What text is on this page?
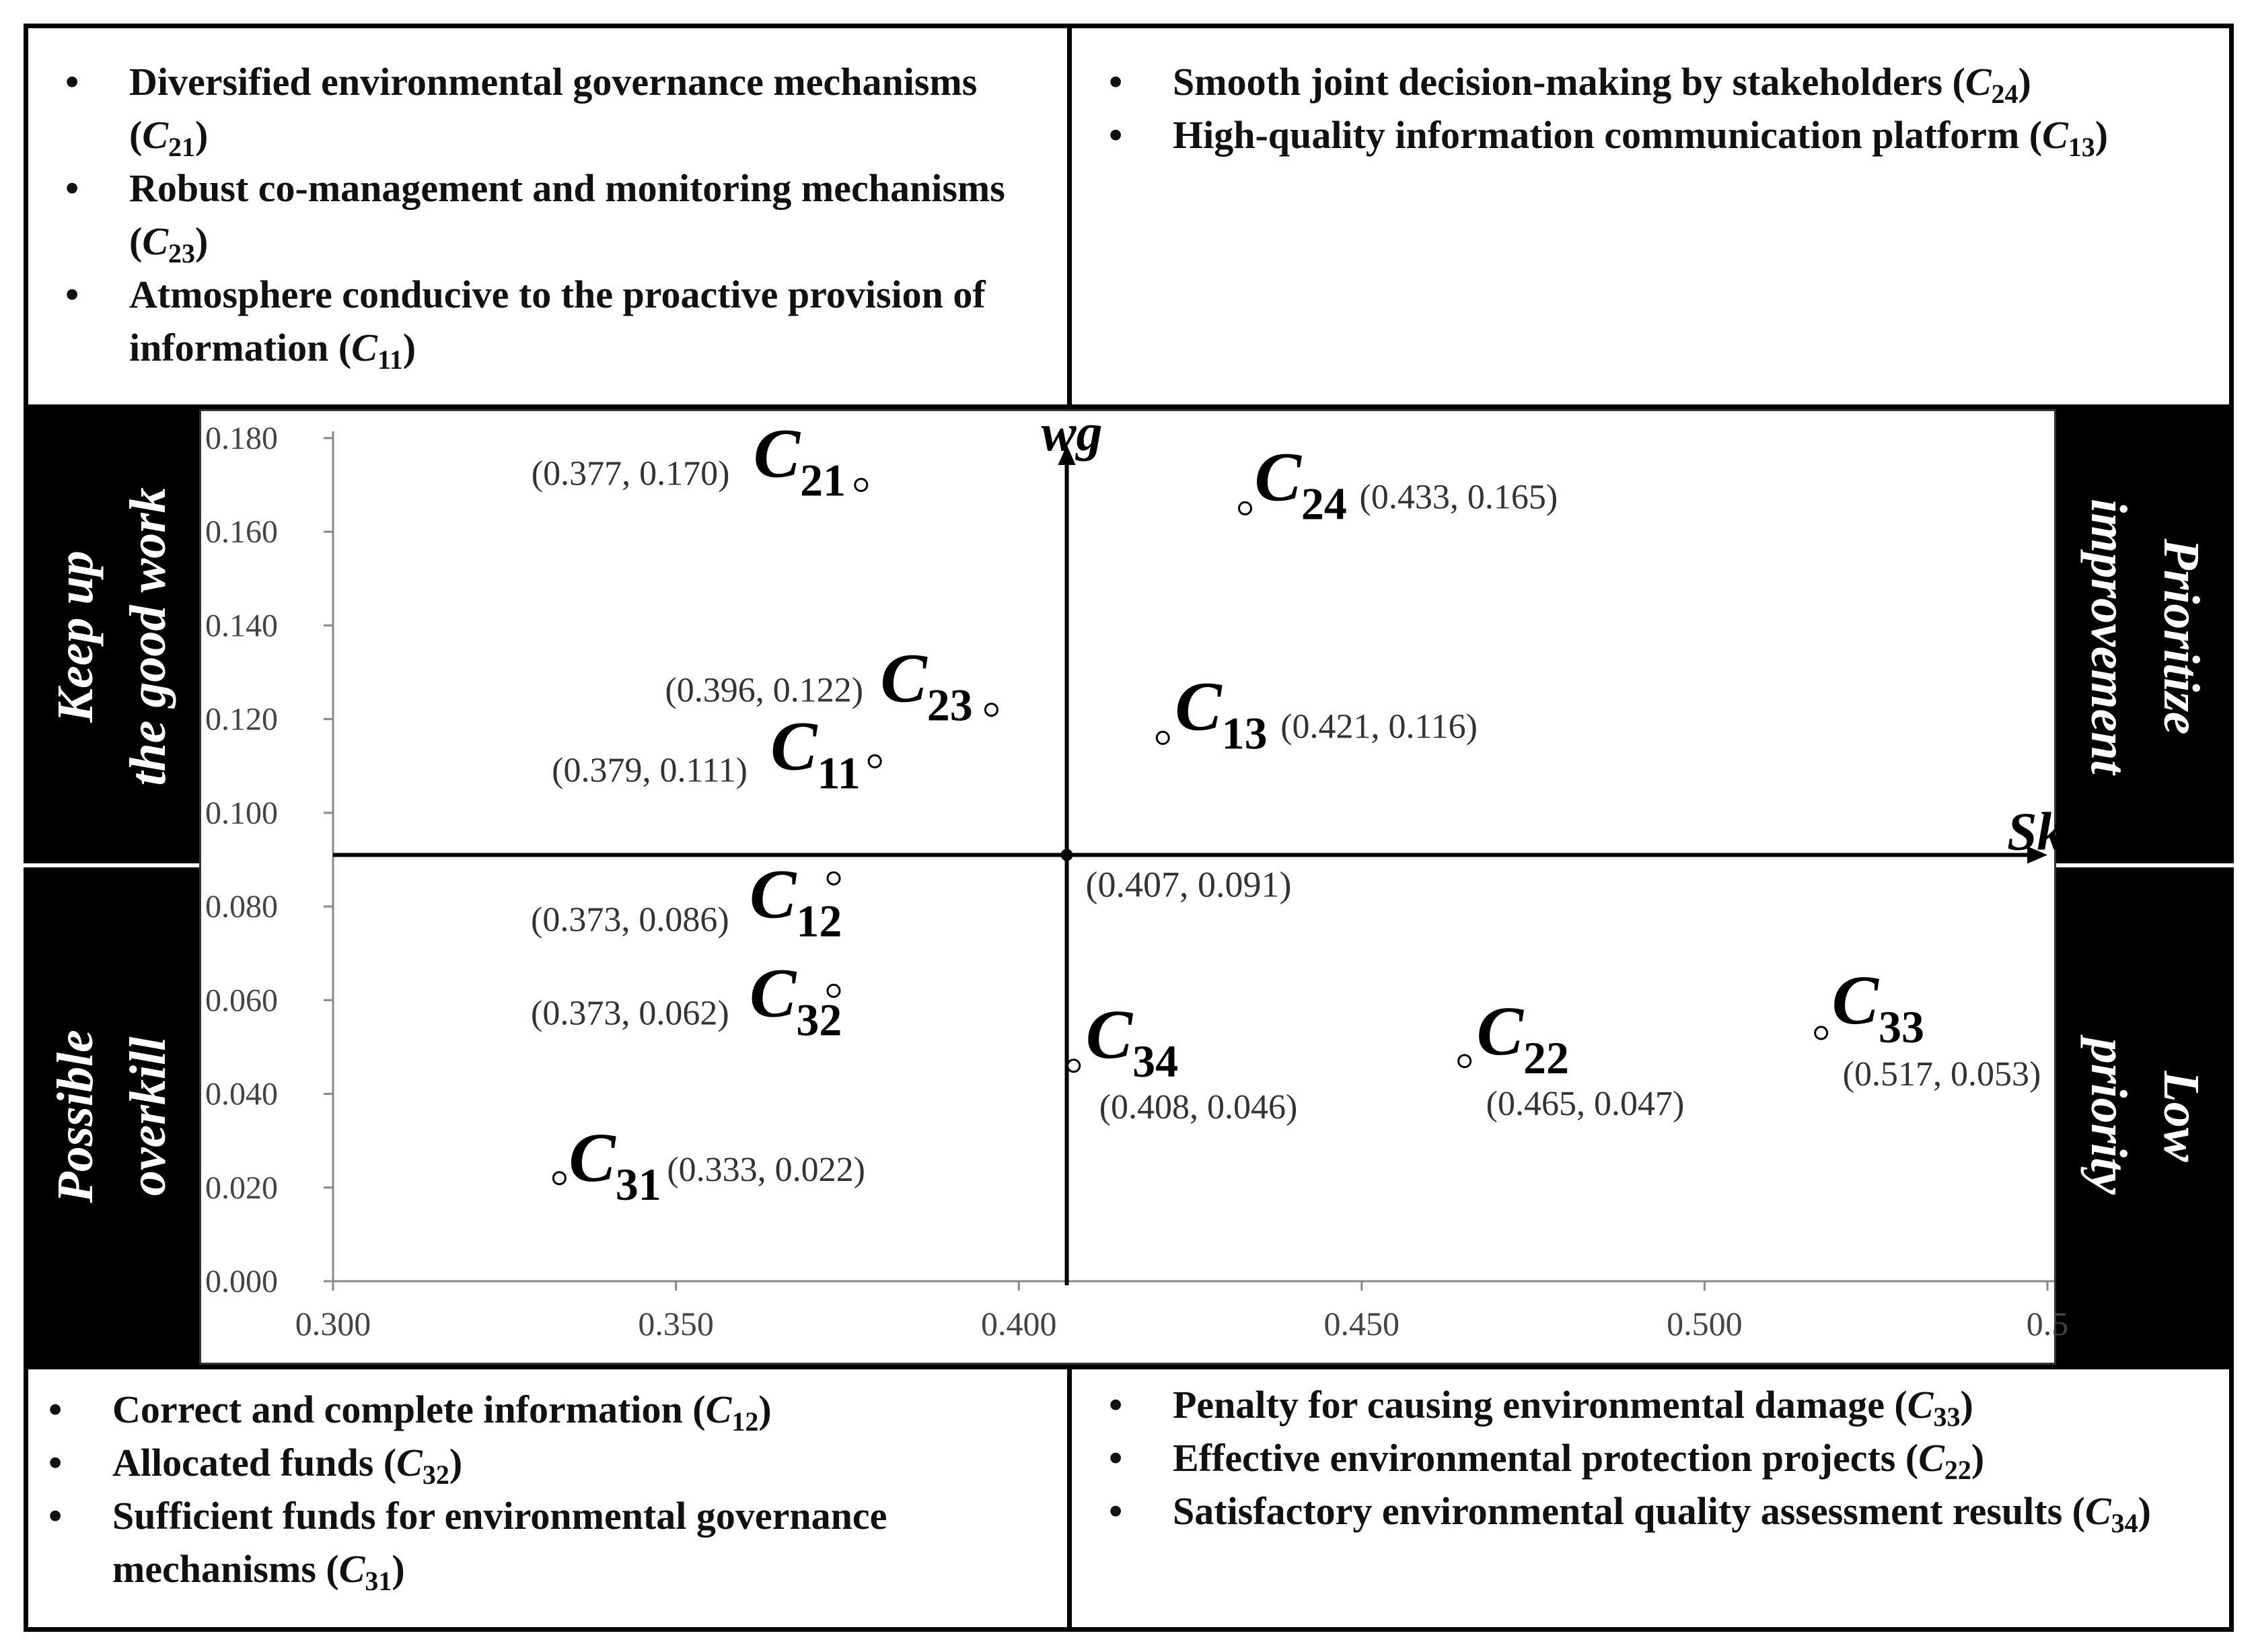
• Diversified environmental governance mechanisms $(C_{21})$
• Robust co-management and monitoring mechanisms $(C_{23})$
• Atmosphere conducive to the proactive provision of information $(C_{11})$
• Smooth joint decision-making by stakeholders $(C_{24})$
• High-quality information communication platform $(C_{13})$
• Correct and complete information $(C_{12})$
• Allocated funds $(C_{32})$
• Sufficient funds for environmental governance mechanisms $(C_{31})$
• Penalty for causing environmental damage $(C_{33})$
• Effective environmental protection projects $(C_{22})$
• Satisfactory environmental quality assessment results $(C_{34})$
Keep up the good work
Possible overkill
Prioritize
improvement
Low
priority
0.000
0.020
0.040
0.060
0.080
0.100
0.120
0.140
0.160
0.180
0.300	0.350	0.400	0.450	0.500	0.5
(0.407, 0.091)
Sk
wg
$C_{21}$
(0.377, 0.170)	$C_{24}$ (0.433, 0.165)
$C_{23}$
(0.396, 0.122)	$C_{13}$ (0.421, 0.116)
$C_{11}$
(0.379, 0.111)
$C_{12}$
(0.373, 0.086)
$C_{32}$
(0.373, 0.062)	$C_{34}$
(0.408, 0.046)
$C_{22}$
(0.465, 0.047)
$C_{33}$
(0.517, 0.053)
$C_{31}$ (0.333, 0.022)
